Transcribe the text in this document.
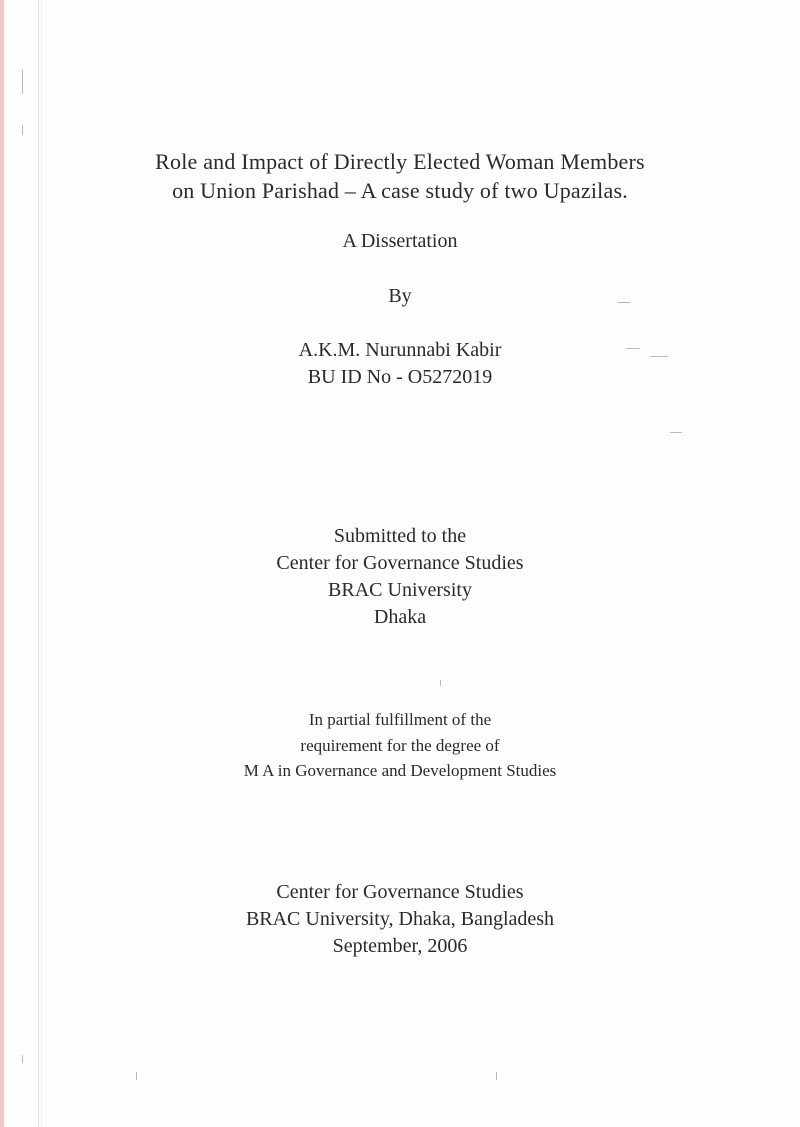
Role and Impact of Directly Elected Woman Members
on Union Parishad – A case study of two Upazilas.
A Dissertation
By
A.K.M. Nurunnabi Kabir
BU ID No - O5272019
Submitted to the
Center for Governance Studies
BRAC University
Dhaka
In partial fulfillment of the
requirement for the degree of
M A in Governance and Development Studies
Center for Governance Studies
BRAC University, Dhaka, Bangladesh
September, 2006
